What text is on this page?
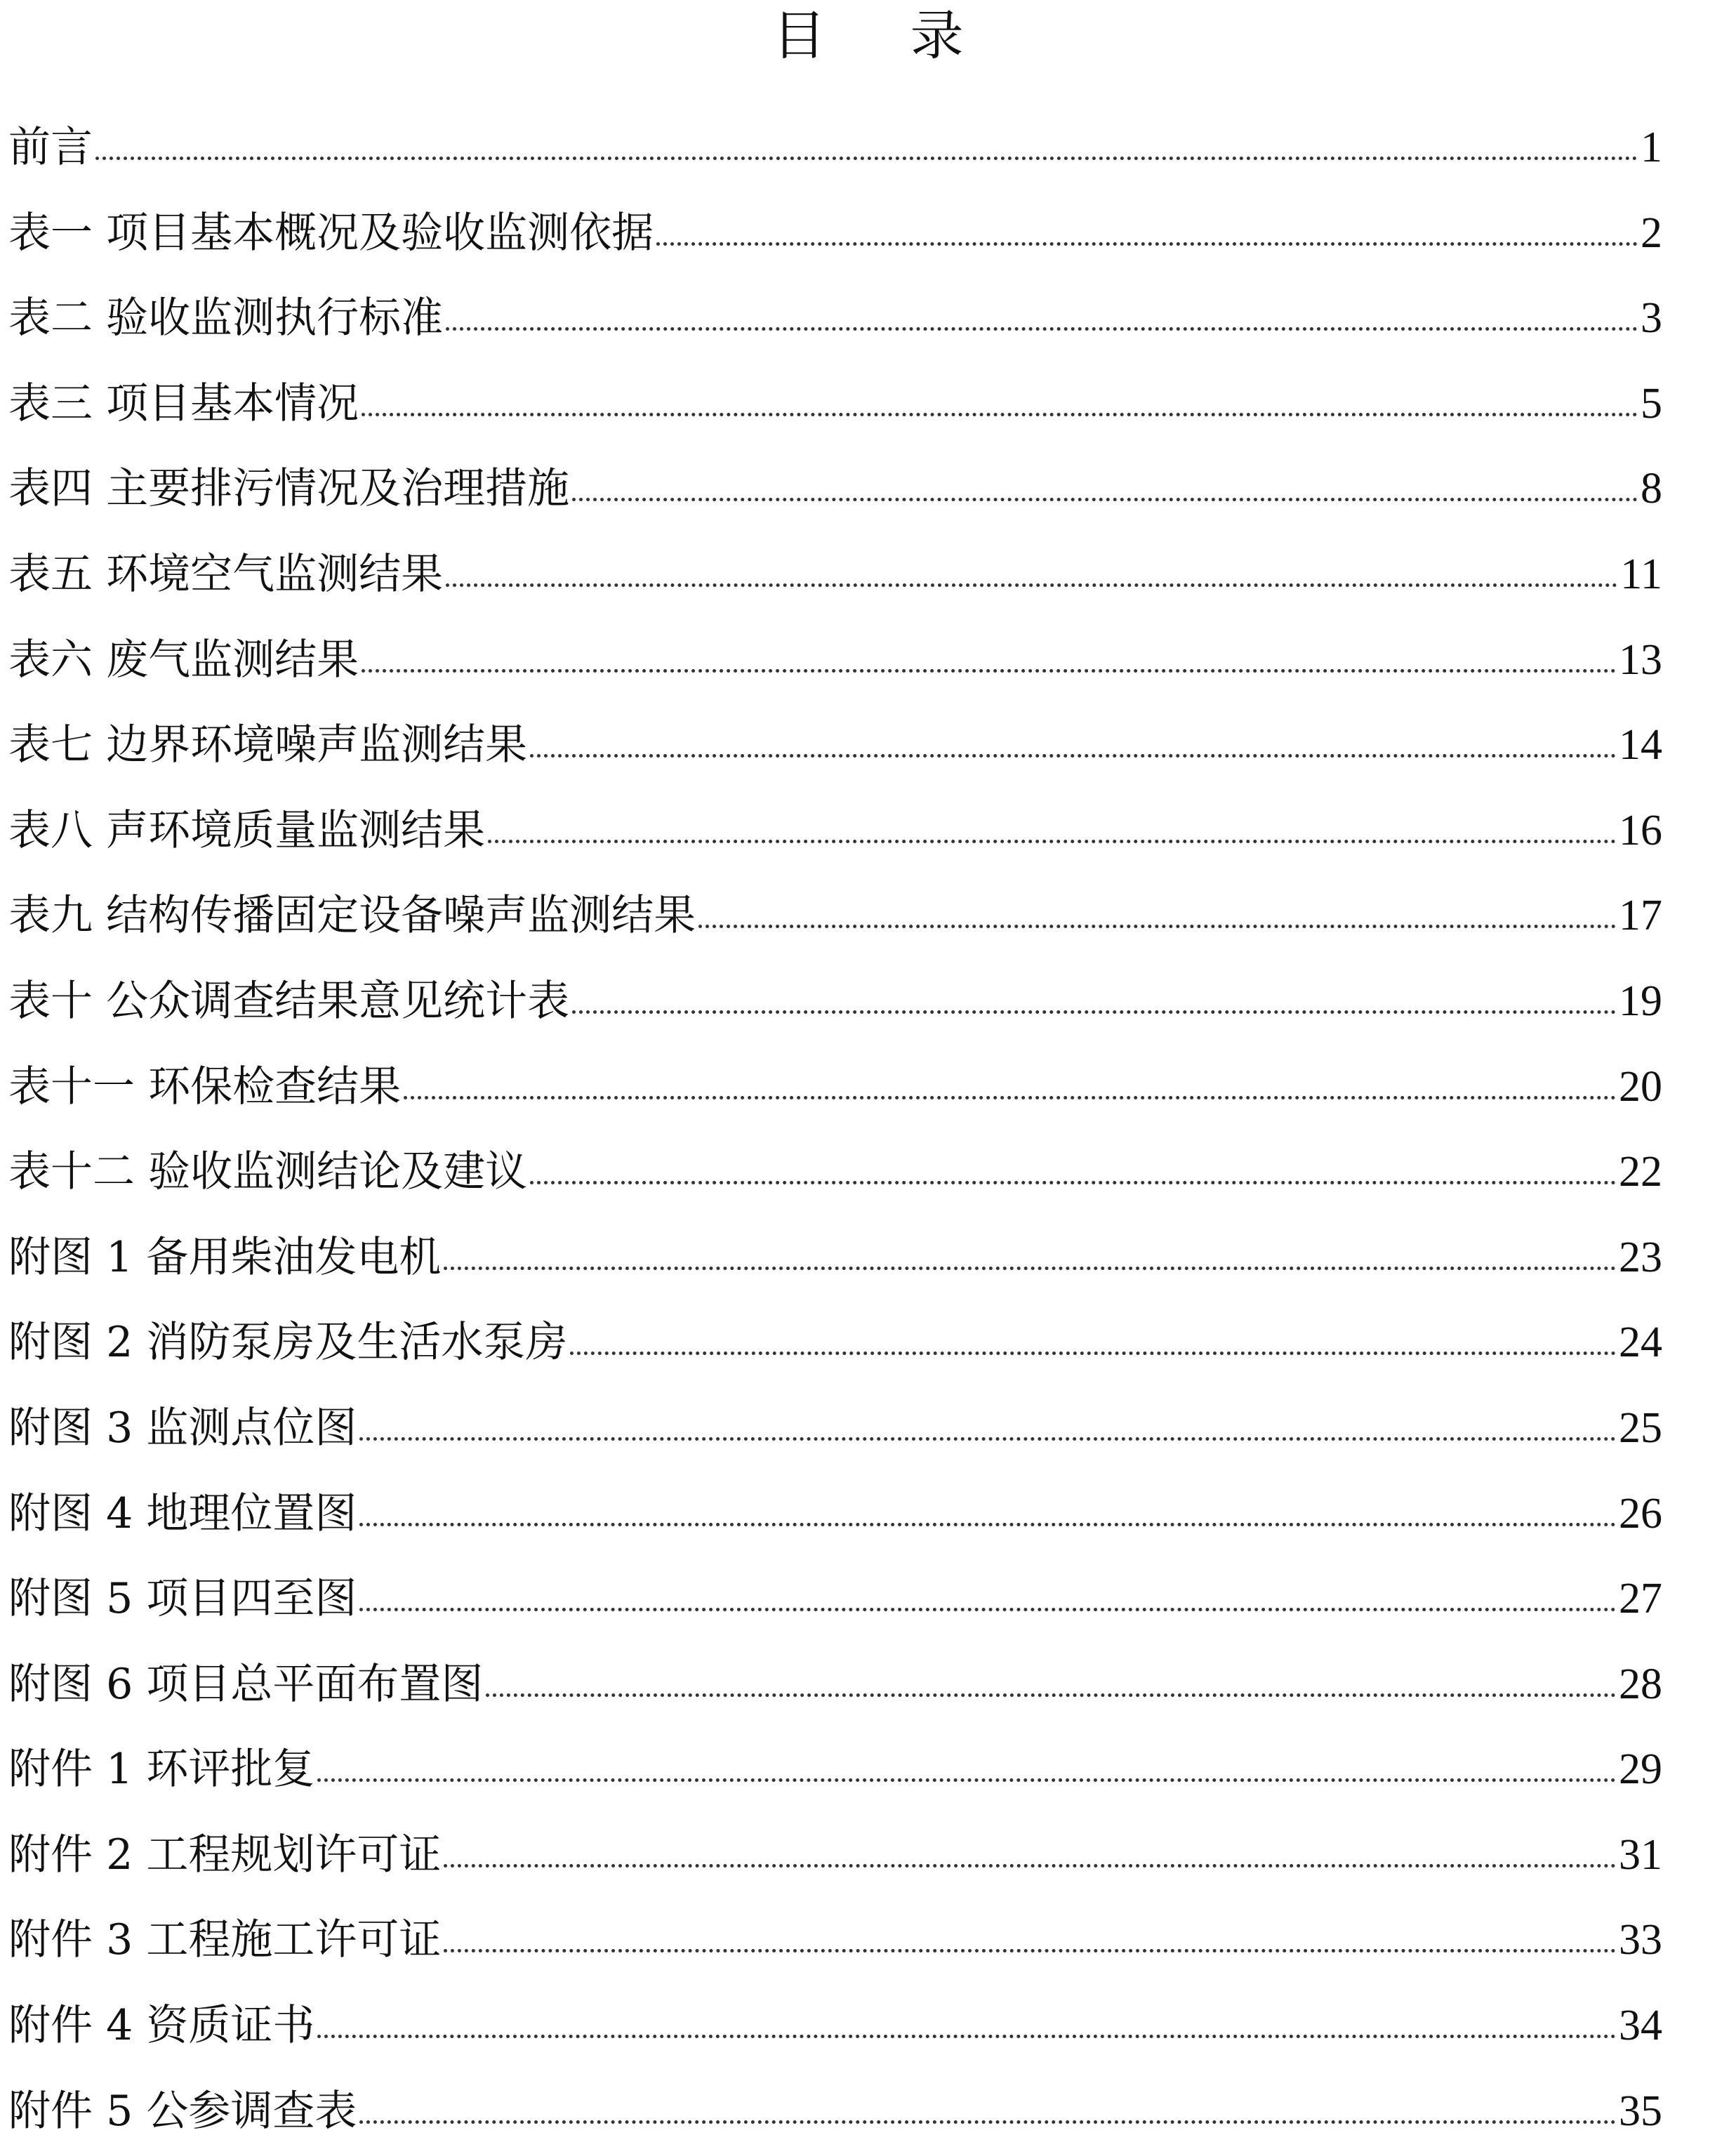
目 录
前言	1
表一 项目基本概况及验收监测依据	2
表二 验收监测执行标准	3
表三 项目基本情况	5
表四 主要排污情况及治理措施	8
表五 环境空气监测结果	11
表六 废气监测结果	13
表七 边界环境噪声监测结果	14
表八 声环境质量监测结果	16
表九 结构传播固定设备噪声监测结果	17
表十 公众调查结果意见统计表	19
表十一 环保检查结果	20
表十二 验收监测结论及建议	22
附图 1 备用柴油发电机	23
附图 2 消防泵房及生活水泵房	24
附图 3 监测点位图	25
附图 4 地理位置图	26
附图 5 项目四至图	27
附图 6 项目总平面布置图	28
附件 1 环评批复	29
附件 2 工程规划许可证	31
附件 3 工程施工许可证	33
附件 4 资质证书	34
附件 5 公参调查表	35
